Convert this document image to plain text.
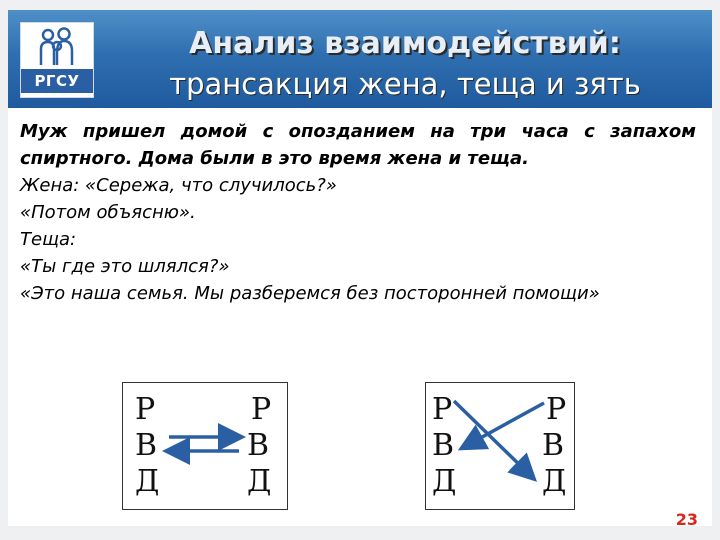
РГСУ
Анализ взаимодействий:
трансакция жена, теща и зять

Муж пришел домой с опозданием на три часа с запахом спиртного. Дома были в это время жена и теща.

Жена: «Сережа, что случилось?»

«Потом объясню».

Теща:

«Ты где это шлялся?»

«Это наша семья. Мы разберемся без посторонней помощи»

Р
В
Д
Р
В
Д
Р
В
Д
Р
В
Д
23
